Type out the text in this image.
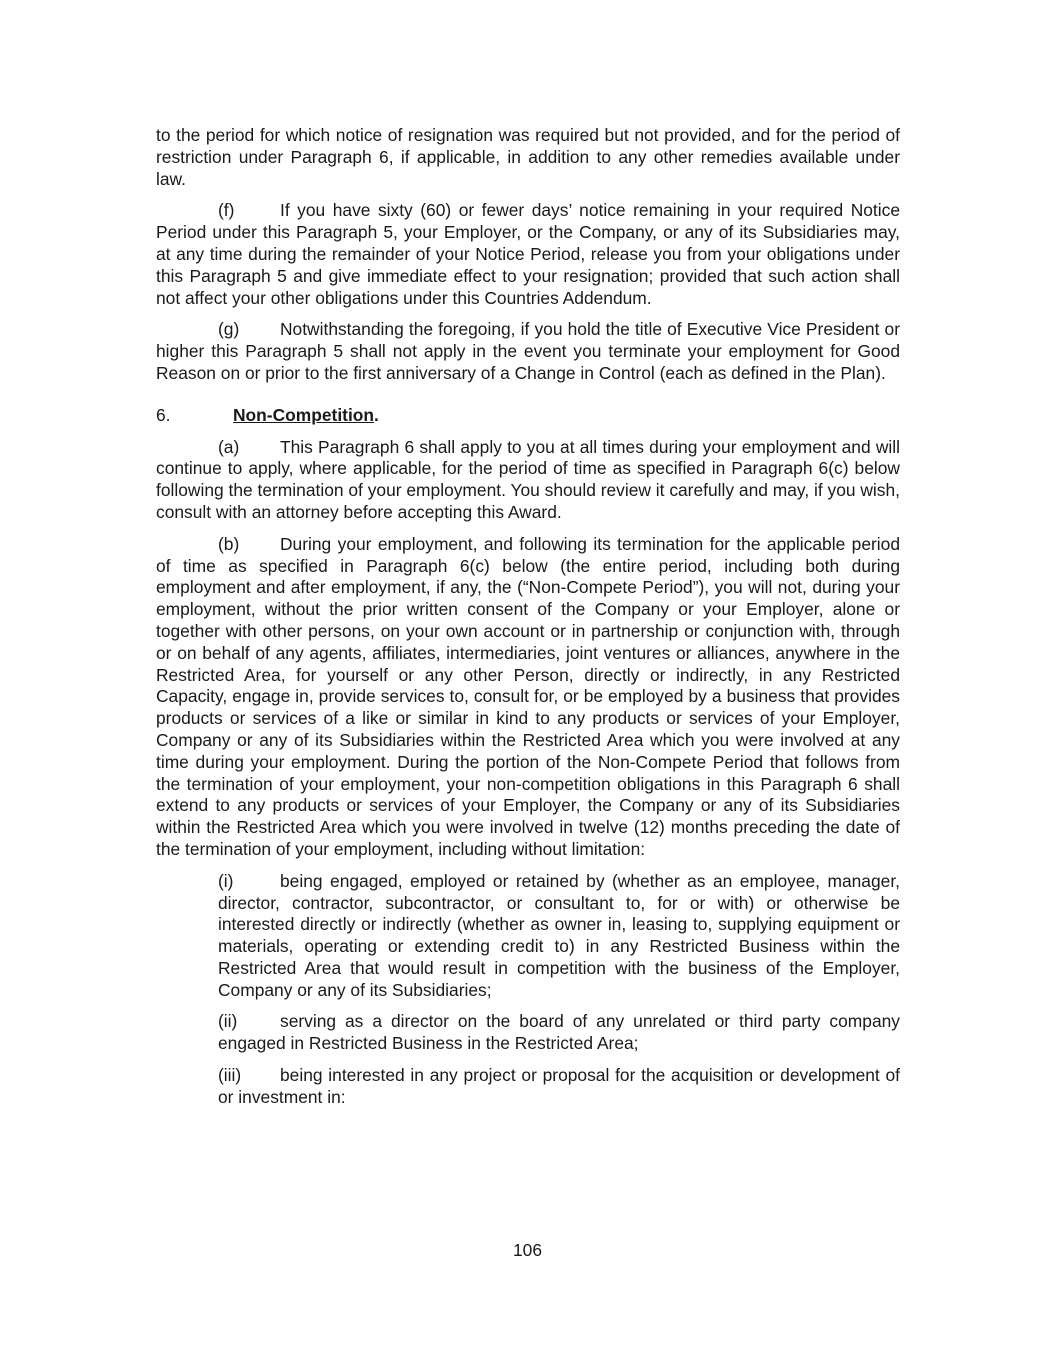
to the period for which notice of resignation was required but not provided, and for the period of restriction under Paragraph 6, if applicable, in addition to any other remedies available under law.

(f)	If you have sixty (60) or fewer days’ notice remaining in your required Notice Period under this Paragraph 5, your Employer, or the Company, or any of its Subsidiaries may, at any time during the remainder of your Notice Period, release you from your obligations under this Paragraph 5 and give immediate effect to your resignation; provided that such action shall not affect your other obligations under this Countries Addendum.

(g) Notwithstanding the foregoing, if you hold the title of Executive Vice President or higher this Paragraph 5 shall not apply in the event you terminate your employment for Good Reason on or prior to the first anniversary of a Change in Control (each as defined in the Plan).

6.	Non-Competition.

(a) This Paragraph 6 shall apply to you at all times during your employment and will continue to apply, where applicable, for the period of time as specified in Paragraph 6(c) below following the termination of your employment. You should review it carefully and may, if you wish, consult with an attorney before accepting this Award.

(b) During your employment, and following its termination for the applicable period of time as specified in Paragraph 6(c) below (the entire period, including both during employment and after employment, if any, the (“Non-Compete Period”), you will not, during your employment, without the prior written consent of the Company or your Employer, alone or together with other persons, on your own account or in partnership or conjunction with, through or on behalf of any agents, affiliates, intermediaries, joint ventures or alliances, anywhere in the Restricted Area, for yourself or any other Person, directly or indirectly, in any Restricted Capacity, engage in, provide services to, consult for, or be employed by a business that provides products or services of a like or similar in kind to any products or services of your Employer, Company or any of its Subsidiaries within the Restricted Area which you were involved at any time during your employment. During the portion of the Non-Compete Period that follows from the termination of your employment, your non-competition obligations in this Paragraph 6 shall extend to any products or services of your Employer, the Company or any of its Subsidiaries within the Restricted Area which you were involved in twelve (12) months preceding the date of the termination of your employment, including without limitation:

(i)	being engaged, employed or retained by (whether as an employee, manager, director, contractor, subcontractor, or consultant to, for or with) or otherwise be interested directly or indirectly (whether as owner in, leasing to, supplying equipment or materials, operating or extending credit to) in any Restricted Business within the Restricted Area that would result in competition with the business of the Employer, Company or any of its Subsidiaries;

(ii) serving as a director on the board of any unrelated or third party company engaged in Restricted Business in the Restricted Area;

(iii) being interested in any project or proposal for the acquisition or development of or investment in:

106
